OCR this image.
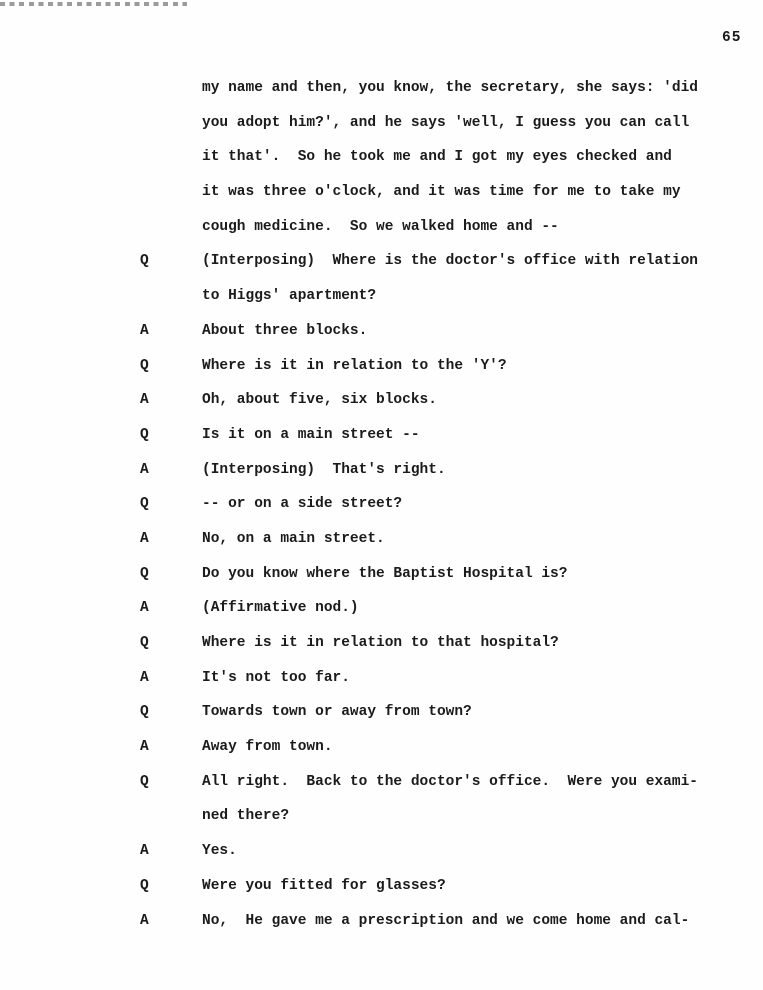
65
my name and then, you know, the secretary, she says: 'did
you adopt him?', and he says 'well, I guess you can call
it that'.  So he took me and I got my eyes checked and
it was three o'clock, and it was time for me to take my
cough medicine.  So we walked home and --
Q	(Interposing)  Where is the doctor's office with relation
to Higgs' apartment?
A	About three blocks.
Q	Where is it in relation to the 'Y'?
A	Oh, about five, six blocks.
Q	Is it on a main street --
A	(Interposing)  That's right.
Q	-- or on a side street?
A	No, on a main street.
Q	Do you know where the Baptist Hospital is?
A	(Affirmative nod.)
Q	Where is it in relation to that hospital?
A	It's not too far.
Q	Towards town or away from town?
A	Away from town.
Q	All right.  Back to the doctor's office.  Were you exami-
ned there?
A	Yes.
Q	Were you fitted for glasses?
A	No,  He gave me a prescription and we come home and cal-
